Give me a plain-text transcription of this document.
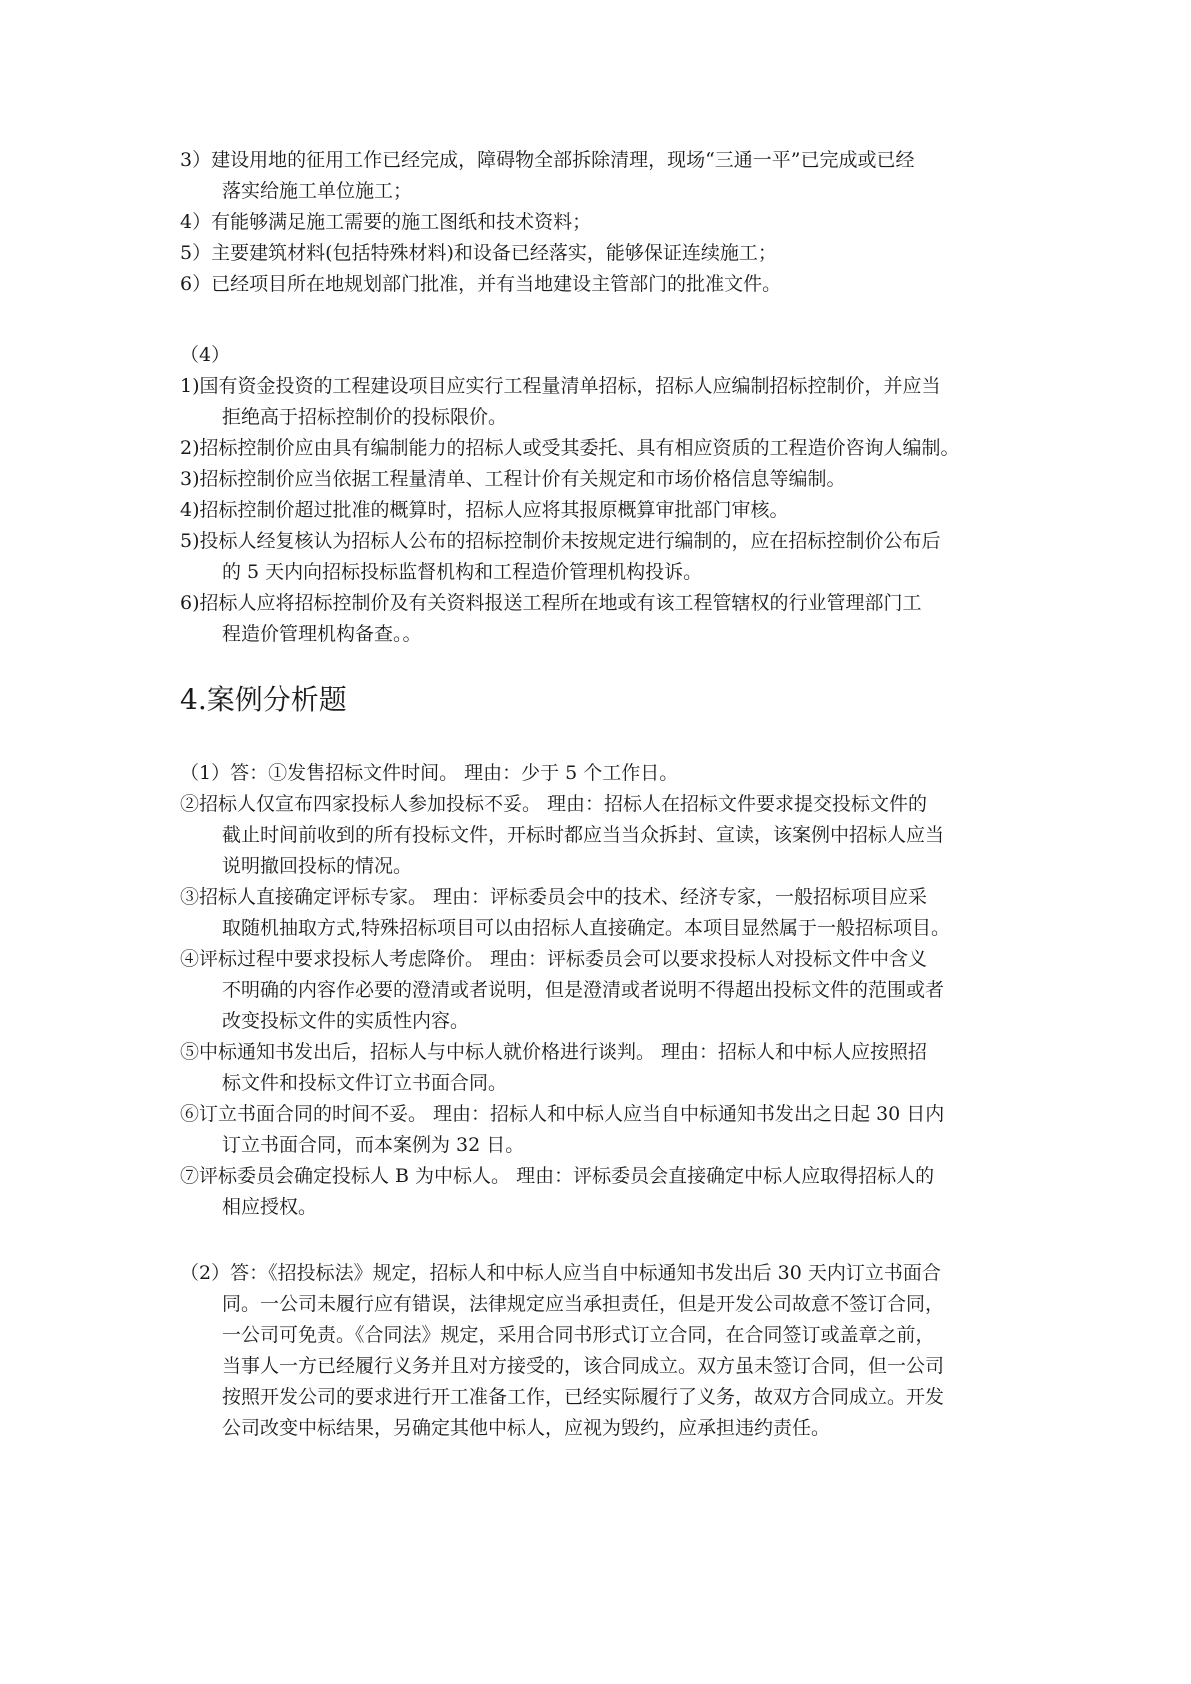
3）建设用地的征用工作已经完成，障碍物全部拆除清理，现场“三通一平”已完成或已经
落实给施工单位施工；
4）有能够满足施工需要的施工图纸和技术资料；
5）主要建筑材料(包括特殊材料)和设备已经落实，能够保证连续施工；
6）已经项目所在地规划部门批准，并有当地建设主管部门的批准文件。
（4）
1)国有资金投资的工程建设项目应实行工程量清单招标，招标人应编制招标控制价，并应当
拒绝高于招标控制价的投标限价。
2)招标控制价应由具有编制能力的招标人或受其委托、具有相应资质的工程造价咨询人编制。
3)招标控制价应当依据工程量清单、工程计价有关规定和市场价格信息等编制。
4)招标控制价超过批准的概算时，招标人应将其报原概算审批部门审核。
5)投标人经复核认为招标人公布的招标控制价未按规定进行编制的，应在招标控制价公布后
的 5 天内向招标投标监督机构和工程造价管理机构投诉。
6)招标人应将招标控制价及有关资料报送工程所在地或有该工程管辖权的行业管理部门工
程造价管理机构备查。。
4.案例分析题
（1）答：①发售招标文件时间。 理由：少于 5 个工作日。
②招标人仅宣布四家投标人参加投标不妥。 理由：招标人在招标文件要求提交投标文件的
截止时间前收到的所有投标文件，开标时都应当当众拆封、宣读，该案例中招标人应当
说明撤回投标的情况。
③招标人直接确定评标专家。 理由：评标委员会中的技术、经济专家，一般招标项目应采
取随机抽取方式,特殊招标项目可以由招标人直接确定。本项目显然属于一般招标项目。
④评标过程中要求投标人考虑降价。 理由：评标委员会可以要求投标人对投标文件中含义
不明确的内容作必要的澄清或者说明，但是澄清或者说明不得超出投标文件的范围或者
改变投标文件的实质性内容。
⑤中标通知书发出后，招标人与中标人就价格进行谈判。 理由：招标人和中标人应按照招
标文件和投标文件订立书面合同。
⑥订立书面合同的时间不妥。 理由：招标人和中标人应当自中标通知书发出之日起 30 日内
订立书面合同，而本案例为 32 日。
⑦评标委员会确定投标人 B 为中标人。 理由：评标委员会直接确定中标人应取得招标人的
相应授权。
（2）答：《招投标法》规定，招标人和中标人应当自中标通知书发出后 30 天内订立书面合
同。一公司未履行应有错误，法律规定应当承担责任，但是开发公司故意不签订合同，
一公司可免责。《合同法》规定，采用合同书形式订立合同，在合同签订或盖章之前，
当事人一方已经履行义务并且对方接受的，该合同成立。双方虽未签订合同，但一公司
按照开发公司的要求进行开工准备工作，已经实际履行了义务，故双方合同成立。开发
公司改变中标结果，另确定其他中标人，应视为毁约，应承担违约责任。
